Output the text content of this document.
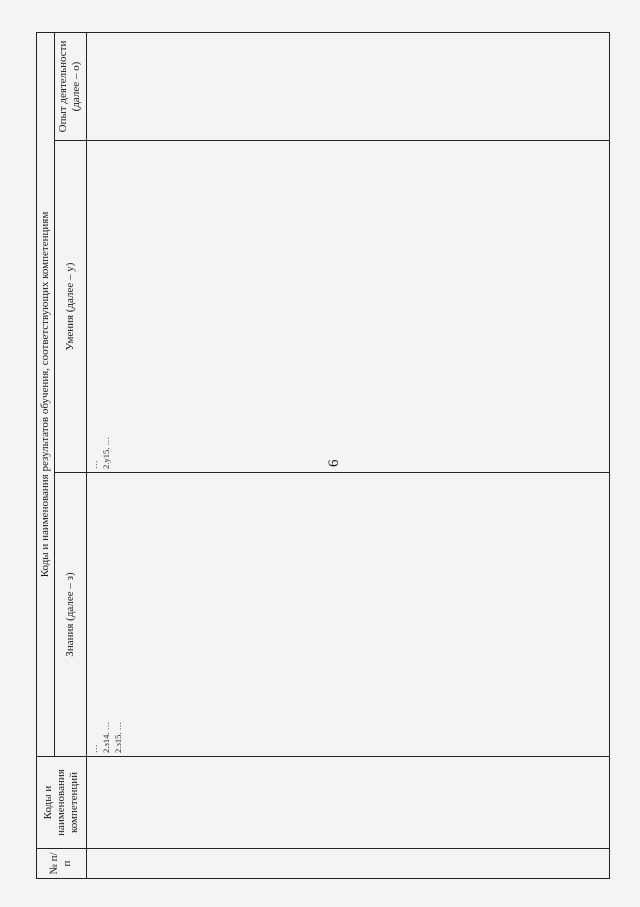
6
№ п/п	Коды и наименования компетенций	Коды и наименования результатов обучения, соответствующих компетенциям		
		Знания (далее – з)	Умения (далее – у)	Опыт деятельности (далее – о)

		… 2.з14. … 2.з15. …	… 2.у15. …	
